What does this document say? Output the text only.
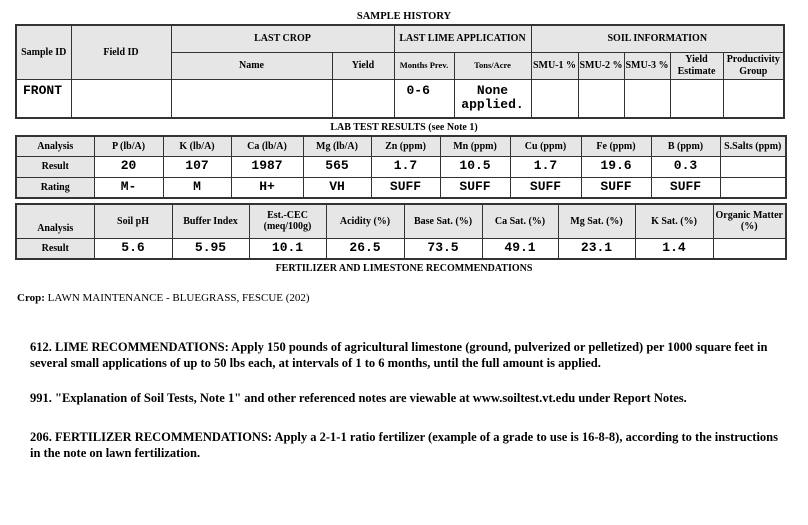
SAMPLE HISTORY
Sample ID	Field ID	LAST CROP		LAST LIME APPLICATION		SOIL INFORMATION				
		Name	Yield	Months Prev.	Tons/Acre	SMU-1 %	SMU-2 %	SMU-3 %	Yield Estimate	Productivity Group
FRONT				0-6	None applied.					
LAB TEST RESULTS (see Note 1)
Analysis	P (lb/A)	K (lb/A)	Ca (lb/A)	Mg (lb/A)	Zn (ppm)	Mn (ppm)	Cu (ppm)	Fe (ppm)	B (ppm)	S.Salts (ppm)
Result	20	107	1987	565	1.7	10.5	1.7	19.6	0.3	
Rating	M-	M	H+	VH	SUFF	SUFF	SUFF	SUFF	SUFF	
Analysis	Soil pH	Buffer Index	Est.-CEC (meq/100g)	Acidity (%)	Base Sat. (%)	Ca Sat. (%)	Mg Sat. (%)	K Sat. (%)	Organic Matter (%)
Result	5.6	5.95	10.1	26.5	73.5	49.1	23.1	1.4	
FERTILIZER AND LIMESTONE RECOMMENDATIONS
Crop: LAWN MAINTENANCE - BLUEGRASS, FESCUE (202)
612. LIME RECOMMENDATIONS: Apply 150 pounds of agricultural limestone (ground, pulverized or pelletized) per 1000 square feet in several small applications of up to 50 lbs each, at intervals of 1 to 6 months, until the full amount is applied.
991. "Explanation of Soil Tests, Note 1" and other referenced notes are viewable at www.soiltest.vt.edu under Report Notes.
206. FERTILIZER RECOMMENDATIONS: Apply a 2-1-1 ratio fertilizer (example of a grade to use is 16-8-8), according to the instructions in the note on lawn fertilization.
